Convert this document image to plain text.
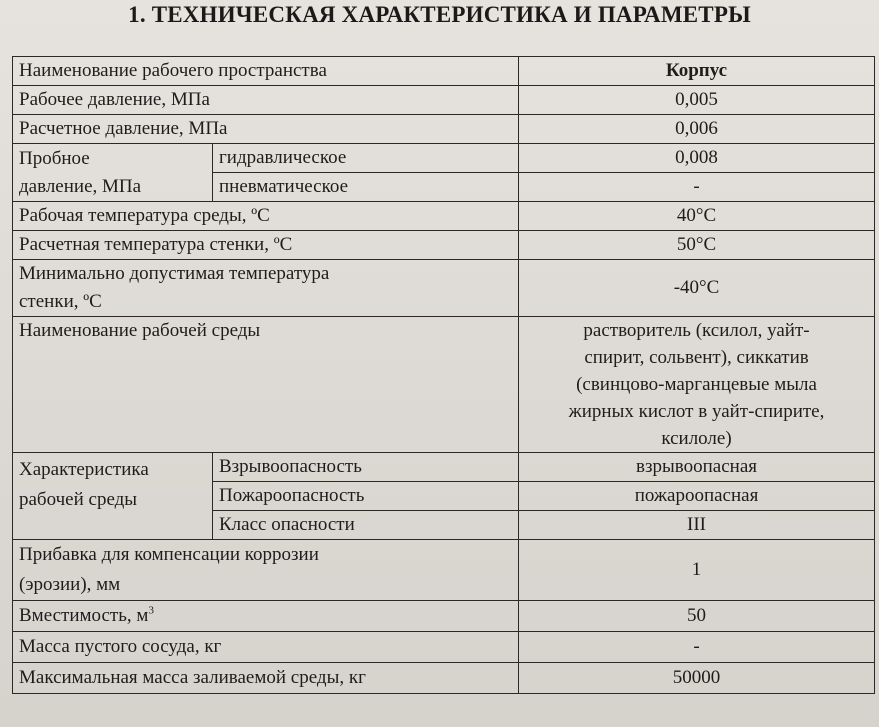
1. ТЕХНИЧЕСКАЯ ХАРАКТЕРИСТИКА И ПАРАМЕТРЫ
Наименование рабочего пространства		Корпус
Рабочее давление, МПа		0,005
Расчетное давление, МПа		0,006

Пробное
давление, МПа	гидравлическое	0,008
	пневматическое	-
Рабочая температура среды, ºС		40°С
Расчетная температура стенки, ºС		50°С

Минимально допустимая температура
стенки, ºС		-40°С
Наименование рабочей среды		растворитель (ксилол, уайт-
спирит, сольвент), сиккатив
(свинцово-марганцевые мыла
жирных кислот в уайт-спирите,
ксилоле)

Характеристика
рабочей среды	Взрывоопасность	взрывоопасная
	Пожароопасность	пожароопасная
	Класс опасности	III

Прибавка для компенсации коррозии
(эрозии), мм		1
Вместимость, $м^3$		50
Масса пустого сосуда, кг		-
Максимальная масса заливаемой среды, кг		50000
